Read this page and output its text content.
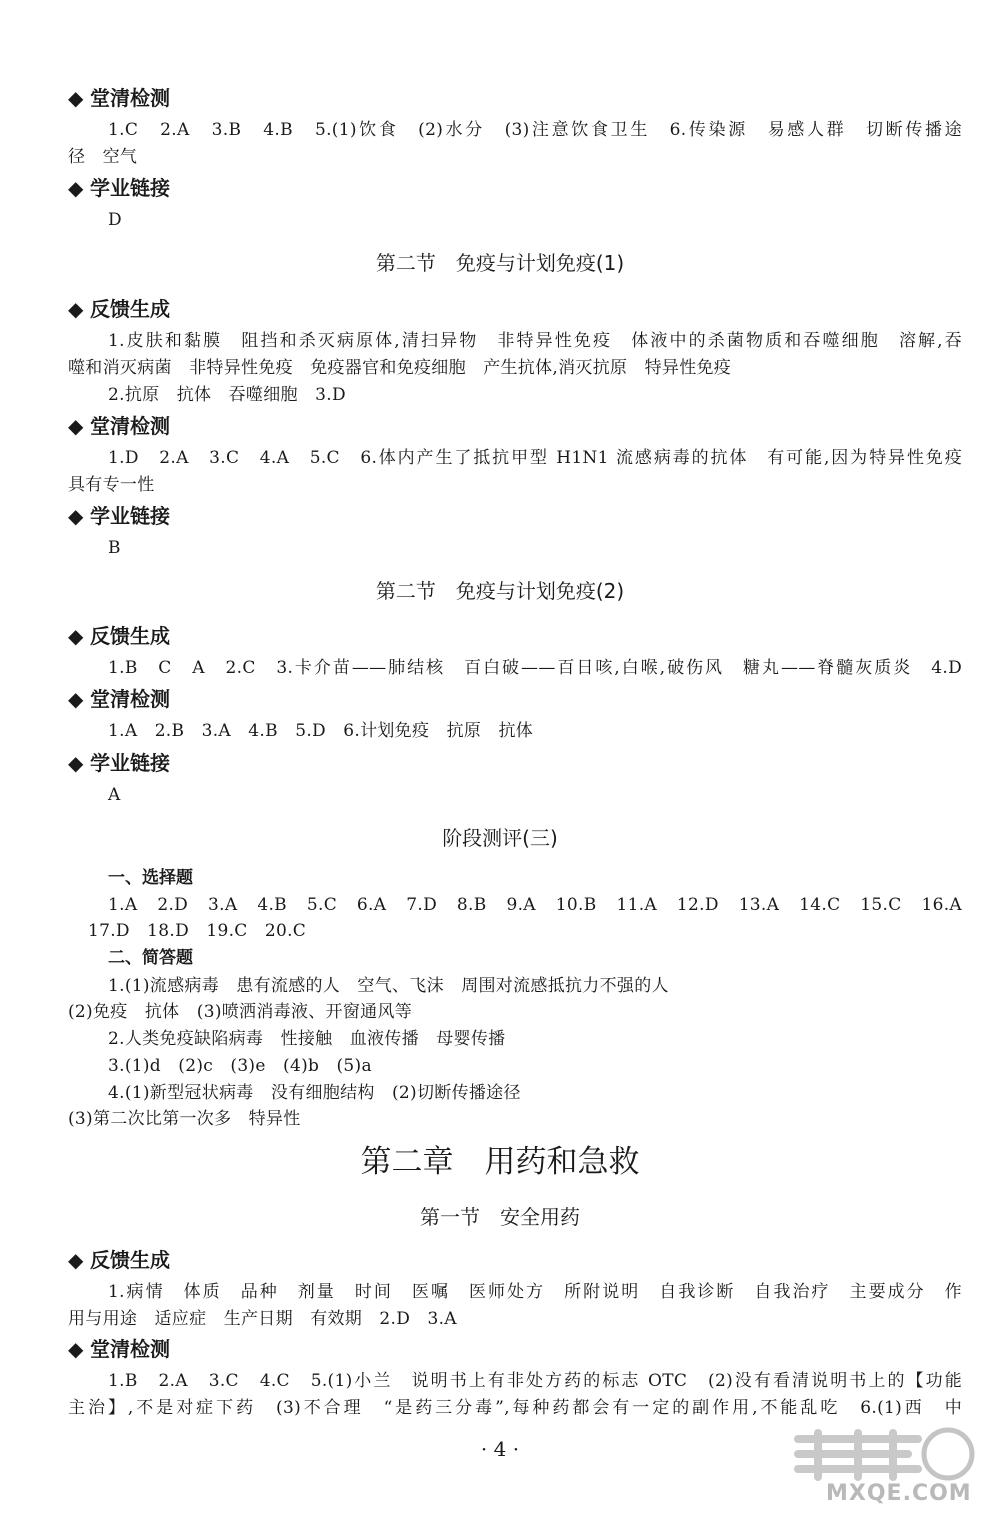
◆ 堂清检测
1.C　2.A　3.B　4.B　5.(1)饮食　(2)水分　(3)注意饮食卫生　6.传染源　易感人群　切断传播途
径　空气
◆ 学业链接
D
第二节　免疫与计划免疫(1)
◆ 反馈生成
1.皮肤和黏膜　阻挡和杀灭病原体,清扫异物　非特异性免疫　体液中的杀菌物质和吞噬细胞　溶解,吞
噬和消灭病菌　非特异性免疫　免疫器官和免疫细胞　产生抗体,消灭抗原　特异性免疫
2.抗原　抗体　吞噬细胞　3.D
◆ 堂清检测
1.D　2.A　3.C　4.A　5.C　6.体内产生了抵抗甲型 H1N1 流感病毒的抗体　有可能,因为特异性免疫
具有专一性
◆ 学业链接
B
第二节　免疫与计划免疫(2)
◆ 反馈生成
1.B　C　A　2.C　3.卡介苗——肺结核　百白破——百日咳,白喉,破伤风　糖丸——脊髓灰质炎　4.D
◆ 堂清检测
1.A　2.B　3.A　4.B　5.D　6.计划免疫　抗原　抗体
◆ 学业链接
A
阶段测评(三)
一、选择题
1.A　2.D　3.A　4.B　5.C　6.A　7.D　8.B　9.A　10.B　11.A　12.D　13.A　14.C　15.C　16.A
17.D　18.D　19.C　20.C
二、简答题
1.(1)流感病毒　患有流感的人　空气、飞沫　周围对流感抵抗力不强的人
(2)免疫　抗体　(3)喷洒消毒液、开窗通风等
2.人类免疫缺陷病毒　性接触　血液传播　母婴传播
3.(1)d　(2)c　(3)e　(4)b　(5)a
4.(1)新型冠状病毒　没有细胞结构　(2)切断传播途径
(3)第二次比第一次多　特异性
第二章　用药和急救
第一节　安全用药
◆ 反馈生成
1.病情　体质　品种　剂量　时间　医嘱　医师处方　所附说明　自我诊断　自我治疗　主要成分　作
用与用途　适应症　生产日期　有效期　2.D　3.A
◆ 堂清检测
1.B　2.A　3.C　4.C　5.(1)小兰　说明书上有非处方药的标志 OTC　(2)没有看清说明书上的【功能
主治】,不是对症下药　(3)不合理　“是药三分毒”,每种药都会有一定的副作用,不能乱吃　6.(1)西　中
· 4 ·
MXQE.COM
